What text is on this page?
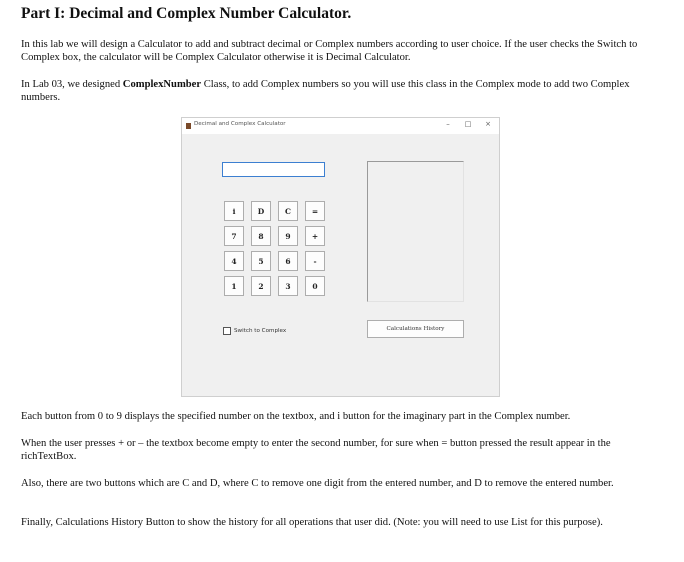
Part I: Decimal and Complex Number Calculator.

In this lab we will design a Calculator to add and subtract decimal or Complex numbers according to user choice. If the user checks the Switch to Complex box, the calculator will be Complex Calculator otherwise it is Decimal Calculator.

In Lab 03, we designed ComplexNumber Class, to add Complex numbers so you will use this class in the Complex mode to add two Complex numbers.

Decimal and Complex Calculator	–	□ ×
i	D	C	=
7	8	9	+
4	5	6	-
1	2	3	0
Switch to Complex	Calculations History

Each button from 0 to 9 displays the specified number on the textbox, and i button for the imaginary part in the Complex number.

When the user presses + or – the textbox become empty to enter the second number, for sure when = button pressed the result appear in the richTextBox.

Also, there are two buttons which are C and D, where C to remove one digit from the entered number, and D to remove the entered number.

Finally, Calculations History Button to show the history for all operations that user did. (Note: you will need to use List for this purpose).
